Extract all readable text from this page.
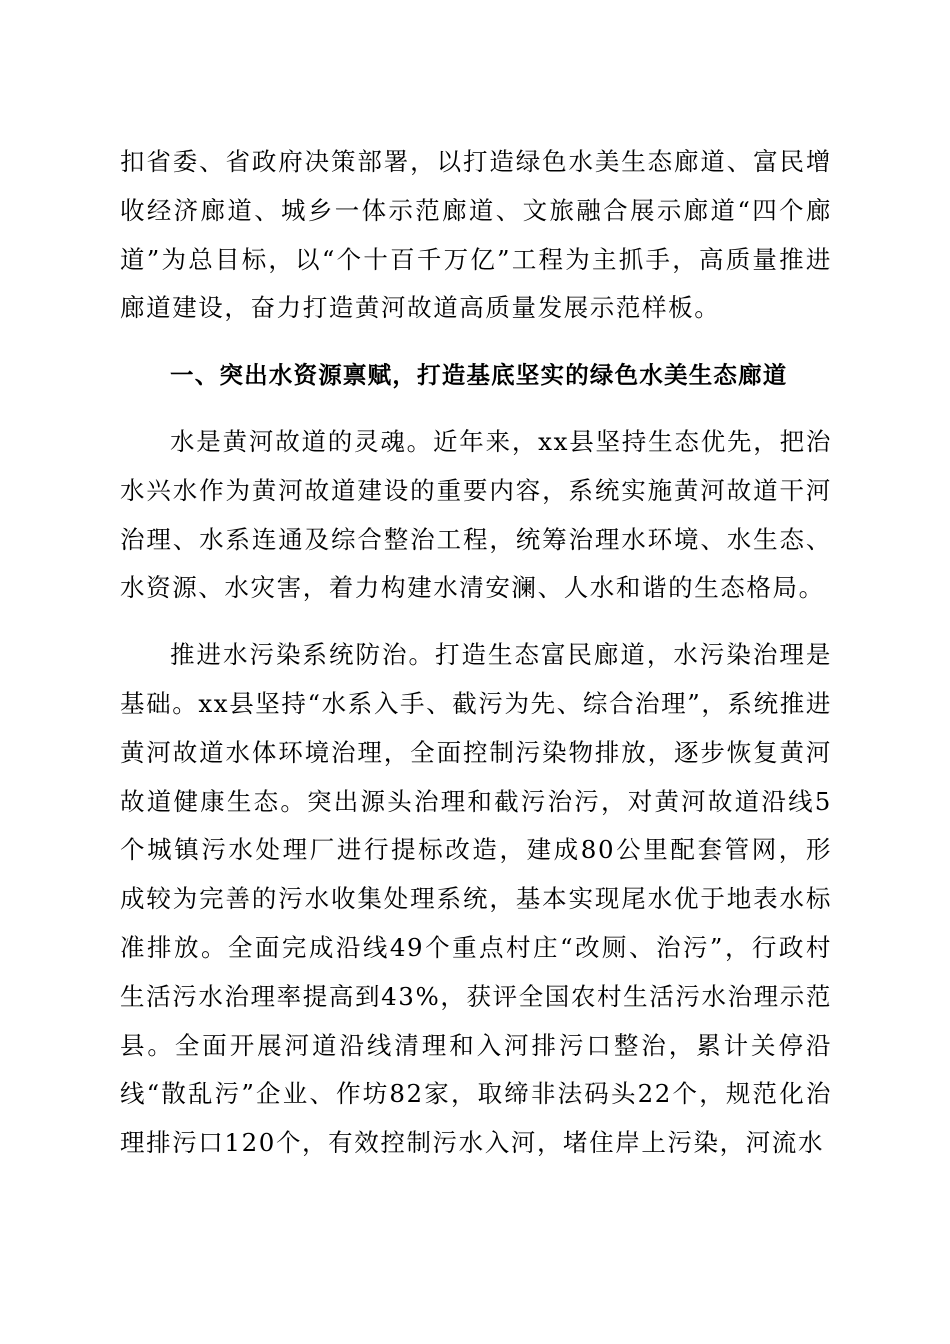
扣省委、省政府决策部署，以打造绿色水美生态廊道、富民增收经济廊道、城乡一体示范廊道、文旅融合展示廊道“四个廊道”为总目标，以“个十百千万亿”工程为主抓手，高质量推进廊道建设，奋力打造黄河故道高质量发展示范样板。

一、突出水资源禀赋，打造基底坚实的绿色水美生态廊道

水是黄河故道的灵魂。近年来，xx县坚持生态优先，把治水兴水作为黄河故道建设的重要内容，系统实施黄河故道干河治理、水系连通及综合整治工程，统筹治理水环境、水生态、水资源、水灾害，着力构建水清安澜、人水和谐的生态格局。

推进水污染系统防治。打造生态富民廊道，水污染治理是基础。xx县坚持“水系入手、截污为先、综合治理”，系统推进黄河故道水体环境治理，全面控制污染物排放，逐步恢复黄河故道健康生态。突出源头治理和截污治污，对黄河故道沿线5个城镇污水处理厂进行提标改造，建成80公里配套管网，形成较为完善的污水收集处理系统，基本实现尾水优于地表水标准排放。全面完成沿线49个重点村庄“改厕、治污”，行政村生活污水治理率提高到43%，获评全国农村生活污水治理示范县。全面开展河道沿线清理和入河排污口整治，累计关停沿线“散乱污”企业、作坊82家，取缔非法码头22个，规范化治理排污口120个，有效控制污水入河，堵住岸上污染，河流水
